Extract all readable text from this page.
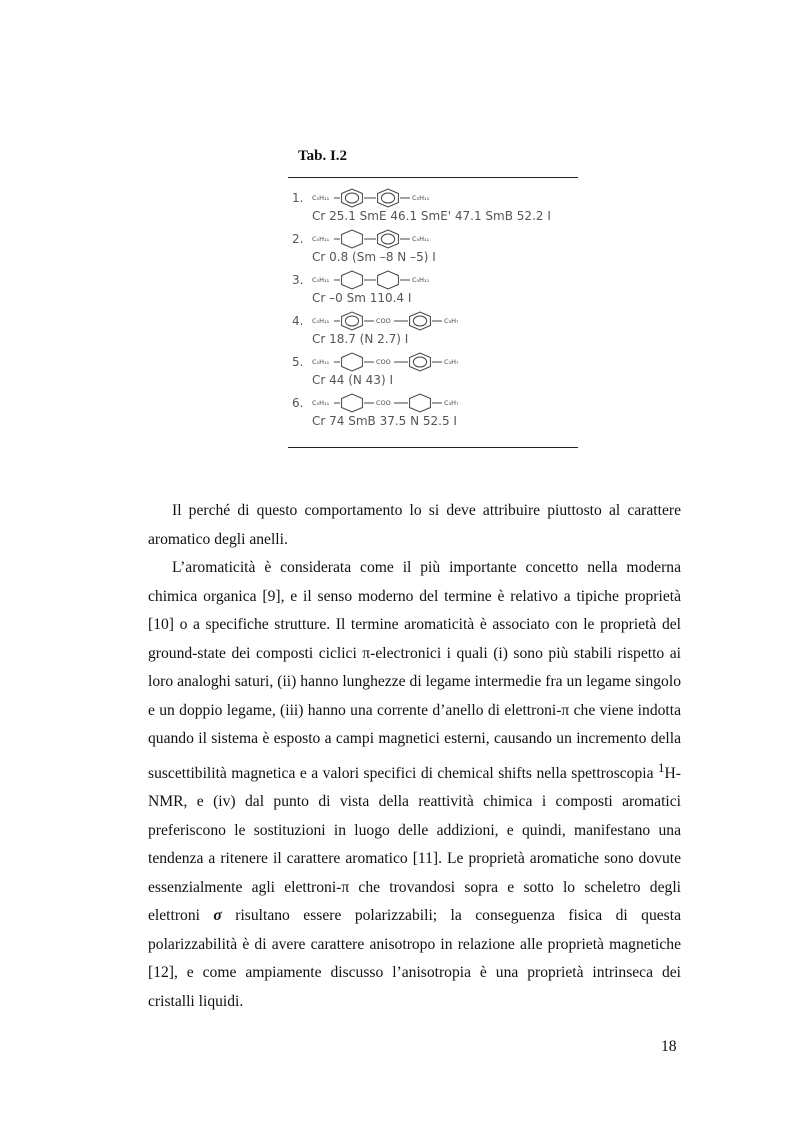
Tab. I.2
1. C₅H₁₁	C₅H₁₁
Cr 25.1 SmE 46.1 SmE' 47.1 SmB 52.2 I
2. C₅H₁₁	C₅H₁₁
Cr 0.8 (Sm –8 N –5) I
3. C₅H₁₁	C₅H₁₁
Cr –0 Sm 110.4 I
4. C₅H₁₁	COO	C₃H₇
Cr 18.7 (N 2.7) I
5. C₅H₁₁	COO	C₃H₇
Cr 44 (N 43) I
6. C₅H₁₁	COO	C₃H₇
Cr 74 SmB 37.5 N 52.5 I

Il perché di questo comportamento lo si deve attribuire piuttosto al carattere aromatico degli anelli.

L’aromaticità è considerata come il più importante concetto nella moderna chimica organica [9], e il senso moderno del termine è relativo a tipiche proprietà [10] o a specifiche strutture. Il termine aromaticità è associato con le proprietà del ground-state dei composti ciclici π-electronici i quali (i) sono più stabili rispetto ai loro analoghi saturi, (ii) hanno lunghezze di legame intermedie fra un legame singolo e un doppio legame, (iii) hanno una corrente d’anello di elettroni-π che viene indotta quando il sistema è esposto a campi magnetici esterni, causando un incremento della suscettibilità magnetica e a valori specifici di chemical shifts nella spettroscopia $^1$H-NMR, e (iv) dal punto di vista della reattività chimica i composti aromatici preferiscono le sostituzioni in luogo delle addizioni, e quindi, manifestano una tendenza a ritenere il carattere aromatico [11]. Le proprietà aromatiche sono dovute essenzialmente agli elettroni-π che trovandosi sopra e sotto lo scheletro degli elettroni σ risultano essere polarizzabili; la conseguenza fisica di questa polarizzabilità è di avere carattere anisotropo in relazione alle proprietà magnetiche [12], e come ampiamente discusso l’anisotropia è una proprietà intrinseca dei cristalli liquidi.

18
